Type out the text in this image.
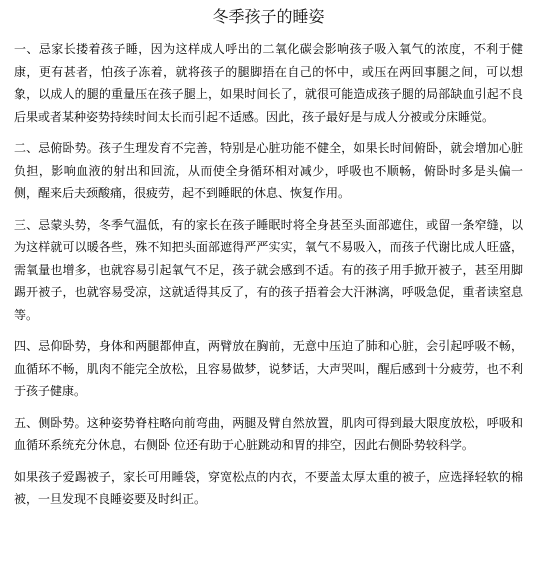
冬季孩子的睡姿

一、忌家长搂着孩子睡，因为这样成人呼出的二氧化碳会影响孩子吸入氧气的浓度，不利于健康，更有甚者，怕孩子冻着，就将孩子的腿脚捂在自己的怀中，或压在两回事腿之间，可以想象，以成人的腿的重量压在孩子腿上，如果时间长了，就很可能造成孩子腿的局部缺血引起不良后果或者某种姿势持续时间太长而引起不适感。因此，孩子最好是与成人分被或分床睡觉。

二、忌俯卧势。孩子生理发育不完善，特别是心脏功能不健全，如果长时间俯卧，就会增加心脏负担，影响血液的射出和回流，从而使全身循环相对减少，呼吸也不顺畅，俯卧时多是头偏一侧，醒来后夫颈酸痛，很疲劳，起不到睡眠的休息、恢复作用。

三、忌蒙头势，冬季气温低，有的家长在孩子睡眠时将全身甚至头面部遮住，或留一条窄缝，以为这样就可以暖各些，殊不知把头面部遮得严严实实，氧气不易吸入，而孩子代谢比成人旺盛，需氧量也增多，也就容易引起氧气不足，孩子就会感到不适。有的孩子用手掀开被子，甚至用脚踢开被子，也就容易受凉，这就适得其反了，有的孩子捂着会大汗淋漓，呼吸急促，重者读窒息等。

四、忌仰卧势，身体和两腿都伸直，两臂放在胸前，无意中压迫了肺和心脏，会引起呼吸不畅，血循环不畅，肌肉不能完全放松，且容易做梦，说梦话，大声哭叫，醒后感到十分疲劳，也不利于孩子健康。

五、侧卧势。这种姿势脊柱略向前弯曲，两腿及臂自然放置，肌肉可得到最大限度放松，呼吸和血循环系统充分休息，右侧卧 位还有助于心脏跳动和胃的排空，因此右侧卧势较科学。

如果孩子爱踢被子，家长可用睡袋，穿宽松点的内衣，不要盖太厚太重的被子，应选择轻软的棉被，一旦发现不良睡姿要及时纠正。
